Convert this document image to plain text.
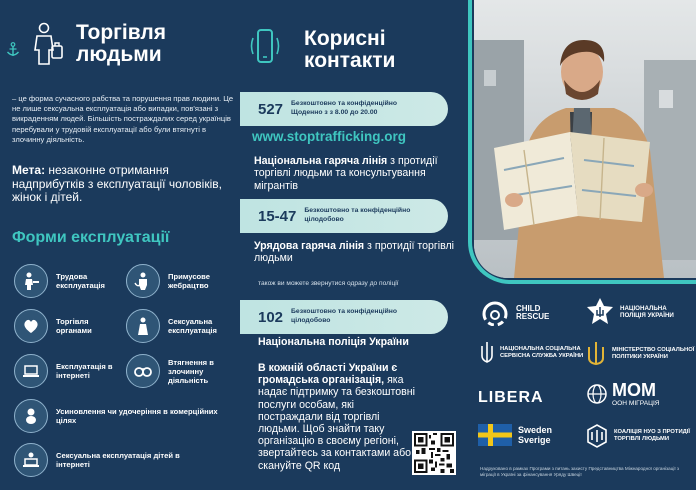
Торгівля людьми
– це форма сучасного рабства та порушення прав людини. Це не лише сексуальна експлуатація або випадки, пов'язані з викраденням людей. Більшість постраждалих серед українців перебували у трудовій експлуатації або були втягнуті в злочинну діяльність.
Мета: незаконне отримання надприбутків з експлуатації чоловіків, жінок і дітей.
Форми експлуатації
Трудова експлуатація
Примусове жебрацтво
Торгівля органами
Сексуальна експлуатація
Експлуатація в інтернеті
Втягнення в злочинну діяльність
Усиновлення чи удочеріння в комерційних цілях
Сексуальна експлуатація дітей в інтернеті
Корисні контакти
527 Безкоштовно та конфіденційно Щоденно з з 8.00 до 20.00
www.stoptrafficking.org
Національна гаряча лінія з протидії торгівлі людьми та консультування мігрантів
15-47 Безкоштовно та конфіденційно цілодобово
Урядова гаряча лінія з протидії торгівлі людьми
також ви можете звернутися одразу до поліції
102 Безкоштовно та конфіденційно цілодобово
Національна поліція України
В кожній області України є громадська організація, яка надає підтримку та безкоштовні послуги особам, які постраждали від торгівлі людьми. Щоб знайти таку організацію в своєму регіоні, звертайтесь за контактами або скануйте QR код
CHILD RESCUE
НАЦІОНАЛЬНА ПОЛІЦІЯ УКРАЇНИ
НАЦІОНАЛЬНА СОЦІАЛЬНА СЕРВІСНА СЛУЖБА УКРАЇНИ
МІНІСТЕРСТВО СОЦІАЛЬНОЇ ПОЛІТИКИ УКРАЇНИ
LIBERA	МОМ
ООН МІГРАЦІЯ
Sweden Sverige
КОАЛІЦІЯ НУО З ПРОТИДІЇ ТОРГІВЛІ ЛЮДЬМИ
Надруковано в рамках Програми з питань захисту Представництва Міжнародної організації з міграції в Україні за фінансування Уряду Швеції
